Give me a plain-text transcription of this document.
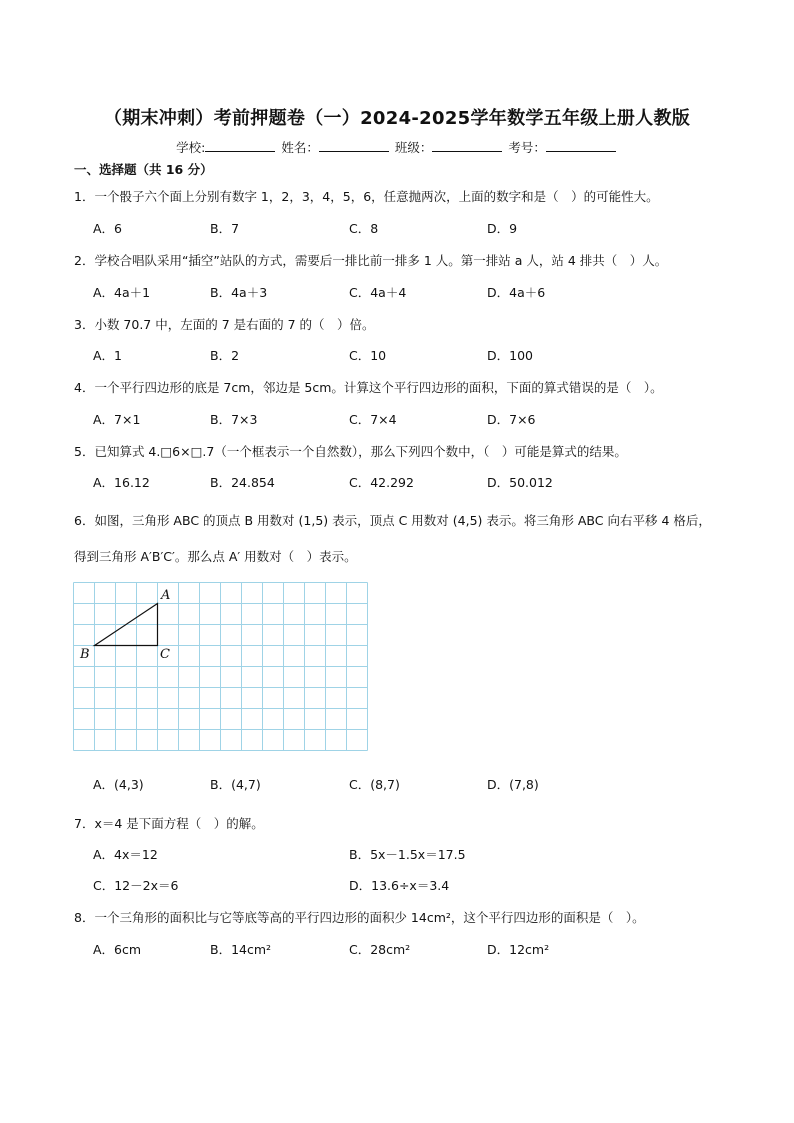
（期末冲刺）考前押题卷（一）2024-2025学年数学五年级上册人教版
学校:	姓名：	班级：	考号：
一、选择题（共 16 分）
1．一个骰子六个面上分别有数字 1，2，3，4，5，6，任意抛两次，上面的数字和是（　）的可能性大。
A．6	B．7	C．8	D．9
2．学校合唱队采用“插空”站队的方式，需要后一排比前一排多 1 人。第一排站 a 人，站 4 排共（　）人。
A．4a＋1	B．4a＋3	C．4a＋4	D．4a＋6
3．小数 70.7 中，左面的 7 是右面的 7 的（　）倍。
A．1	B．2	C．10	D．100
4．一个平行四边形的底是 7cm，邻边是 5cm。计算这个平行四边形的面积，下面的算式错误的是（　）。
A．7×1	B．7×3	C．7×4	D．7×6
5．已知算式 4.□6×□.7（一个框表示一个自然数），那么下列四个数中，（　）可能是算式的结果。
A．16.12	B．24.854	C．42.292	D．50.012
6．如图，三角形 ABC 的顶点 B 用数对 (1,5) 表示，顶点 C 用数对 (4,5) 表示。将三角形 ABC 向右平移 4 格后，
得到三角形 A′B′C′。那么点 A′ 用数对（　）表示。
A
B	C
A．(4,3)	B．(4,7)	C．(8,7)	D．(7,8)
7．x＝4 是下面方程（　）的解。
A．4x＝12	B．5x－1.5x＝17.5
C．12－2x＝6	D．13.6÷x＝3.4
8．一个三角形的面积比与它等底等高的平行四边形的面积少 14cm²，这个平行四边形的面积是（　）。
A．6cm	B．14cm²	C．28cm²	D．12cm²
